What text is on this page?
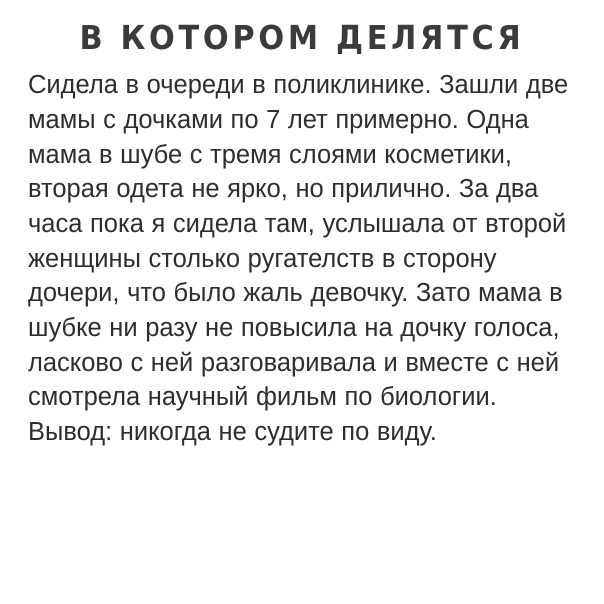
В КОТОРОМ ДЕЛЯТСЯ

Сидела в очереди в поликлинике. Зашли две мамы с дочками по 7 лет примерно. Одна мама в шубе с тремя слоями косметики, вторая одета не ярко, но прилично. За два часа пока я сидела там, услышала от второй женщины столько ругателств в сторону дочери, что было жаль девочку. Зато мама в шубке ни разу не повысила на дочку голоса, ласково с ней разговаривала и вместе с ней смотрела научный фильм по биологии. Вывод: никогда не судите по виду.
